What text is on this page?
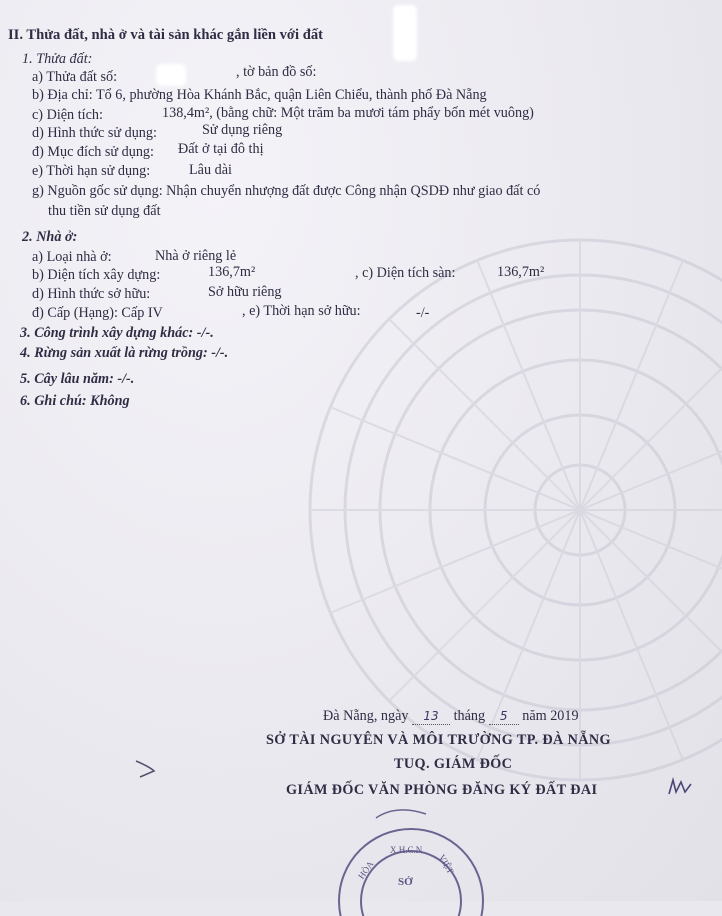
II. Thửa đất, nhà ở và tài sản khác gắn liền với đất
1. Thửa đất:
a) Thửa đất số:	, tờ bản đồ số:
b) Địa chỉ: Tổ 6, phường Hòa Khánh Bắc, quận Liên Chiểu, thành phố Đà Nẵng
c) Diện tích:	138,4m², (bằng chữ: Một trăm ba mươi tám phẩy bốn mét vuông)
d) Hình thức sử dụng:	Sử dụng riêng
đ) Mục đích sử dụng: Đất ở tại đô thị
e) Thời hạn sử dụng:	Lâu dài
g) Nguồn gốc sử dụng: Nhận chuyển nhượng đất được Công nhận QSDĐ như giao đất có
thu tiền sử dụng đất
2. Nhà ở:
a) Loại nhà ở:	Nhà ở riêng lẻ
b) Diện tích xây dựng:	136,7m²	, c) Diện tích sàn:	136,7m²
d) Hình thức sở hữu:	Sở hữu riêng
đ) Cấp (Hạng): Cấp IV	, e) Thời hạn sở hữu:	-/-
3. Công trình xây dựng khác: -/-.
4. Rừng sản xuất là rừng trồng: -/-.
5. Cây lâu năm: -/-.
6. Ghi chú: Không
Đà Nẵng, ngày 13 tháng 5 năm 2019
SỞ TÀI NGUYÊN VÀ MÔI TRƯỜNG TP. ĐÀ NẴNG
TUQ. GIÁM ĐỐC
GIÁM ĐỐC VĂN PHÒNG ĐĂNG KÝ ĐẤT ĐAI
X.H.C.N
HÒA	VIỆT
SỞ
